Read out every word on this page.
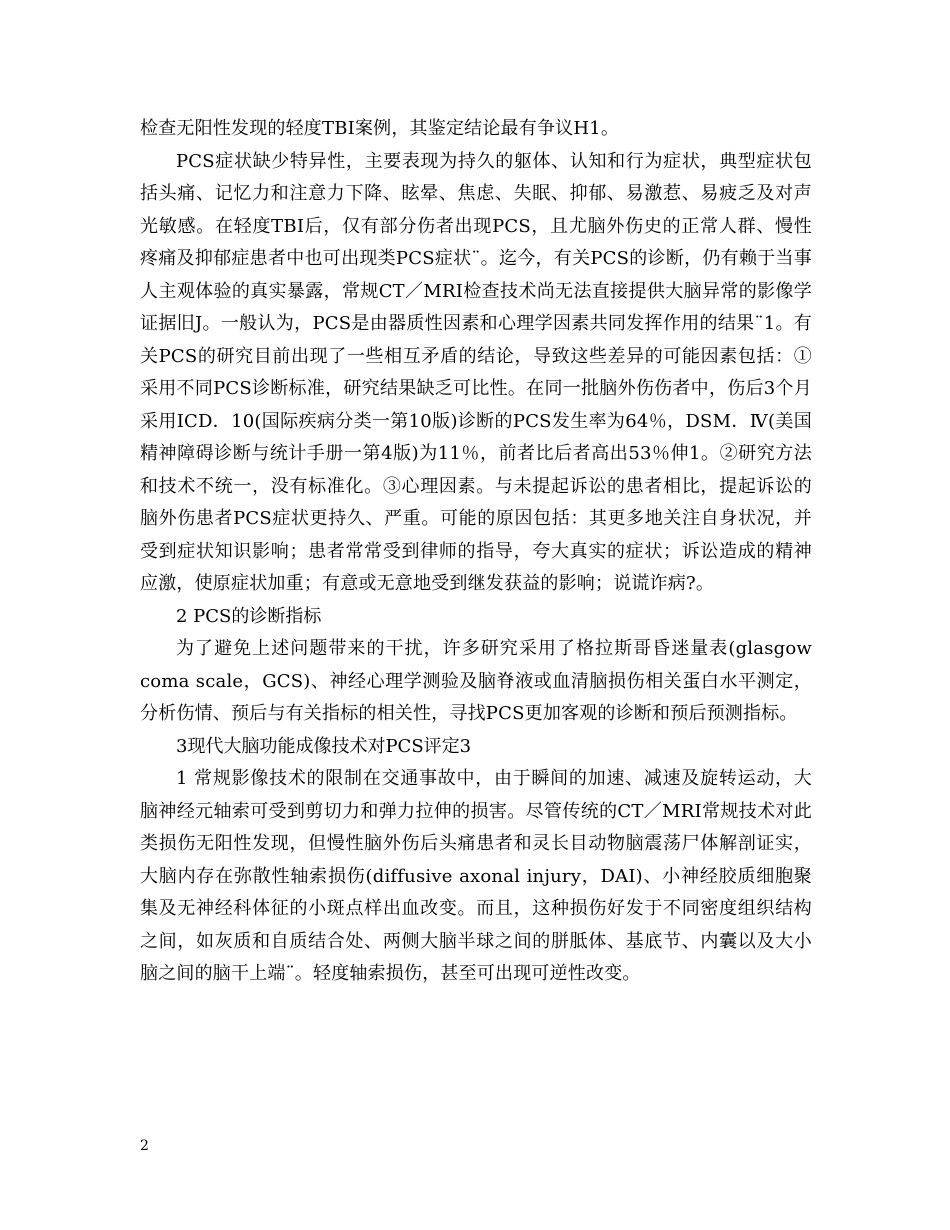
检查无阳性发现的轻度TBI案例，其鉴定结论最有争议H1。

PCS症状缺少特异性，主要表现为持久的躯体、认知和行为症状，典型症状包括头痛、记忆力和注意力下降、眩晕、焦虑、失眠、抑郁、易激惹、易疲乏及对声光敏感。在轻度TBI后，仅有部分伤者出现PCS，且尤脑外伤史的正常人群、慢性疼痛及抑郁症患者中也可出现类PCS症状¨。迄今，有关PCS的诊断，仍有赖于当事人主观体验的真实暴露，常规CT／MRI检查技术尚无法直接提供大脑异常的影像学证据旧J。一般认为，PCS是由器质性因素和心理学因素共同发挥作用的结果¨1。有关PCS的研究目前出现了一些相互矛盾的结论，导致这些差异的可能因素包括：①采用不同PCS诊断标准，研究结果缺乏可比性。在同一批脑外伤伤者中，伤后3个月采用ICD．10(国际疾病分类一第10版)诊断的PCS发生率为64％，DSM．Ⅳ(美国精神障碍诊断与统计手册一第4版)为11％，前者比后者高出53％伸1。②研究方法和技术不统一，没有标准化。③心理因素。与未提起诉讼的患者相比，提起诉讼的脑外伤患者PCS症状更持久、严重。可能的原因包括：其更多地关注自身状况，并受到症状知识影响；患者常常受到律师的指导，夸大真实的症状；诉讼造成的精神应激，使原症状加重；有意或无意地受到继发获益的影响；说谎诈病?。

2 PCS的诊断指标

为了避免上述问题带来的干扰，许多研究采用了格拉斯哥昏迷量表(glasgow coma scale，GCS)、神经心理学测验及脑脊液或血清脑损伤相关蛋白水平测定，分析伤情、预后与有关指标的相关性，寻找PCS更加客观的诊断和预后预测指标。

3现代大脑功能成像技术对PCS评定3

1 常规影像技术的限制在交通事故中，由于瞬间的加速、减速及旋转运动，大脑神经元轴索可受到剪切力和弹力拉伸的损害。尽管传统的CT／MRI常规技术对此类损伤无阳性发现，但慢性脑外伤后头痛患者和灵长目动物脑震荡尸体解剖证实，大脑内存在弥散性轴索损伤(diffusive axonal injury，DAI)、小神经胶质细胞聚集及无神经科体征的小斑点样出血改变。而且，这种损伤好发于不同密度组织结构之间，如灰质和自质结合处、两侧大脑半球之间的胼胝体、基底节、内囊以及大小脑之间的脑干上端¨。轻度轴索损伤，甚至可出现可逆性改变。

2
